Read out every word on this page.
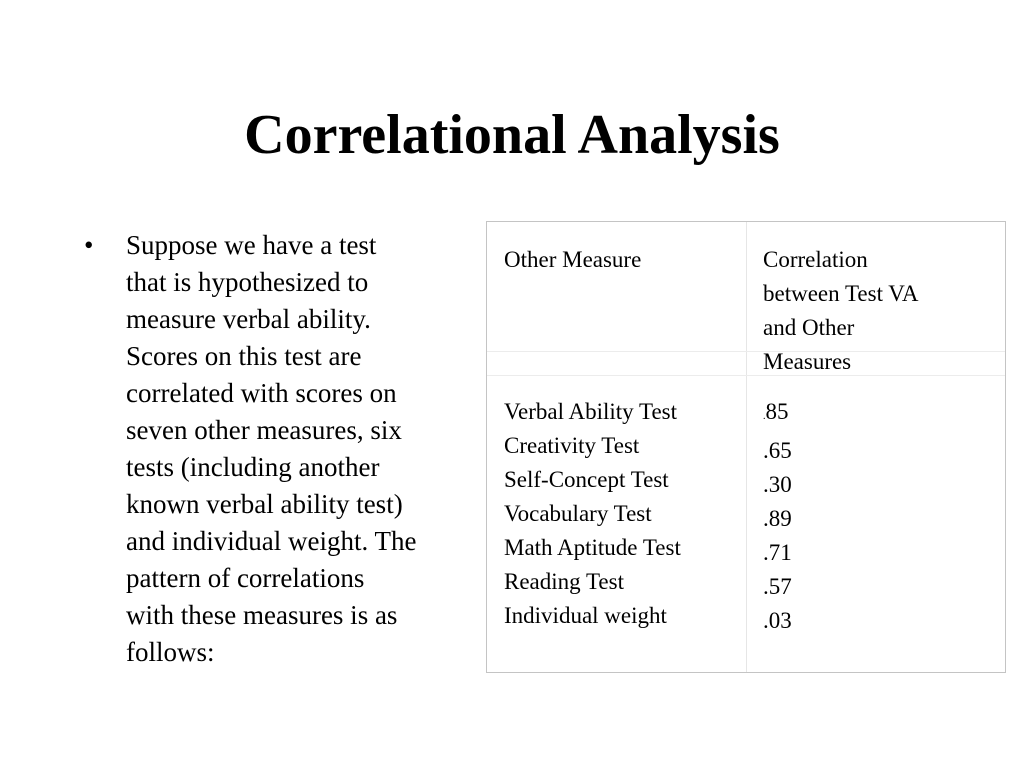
Correlational Analysis
•	Suppose we have a test
that is hypothesized to
measure verbal ability.
Scores on this test are
correlated with scores on
seven other measures, six
tests (including another
known verbal ability test)
and individual weight. The
pattern of correlations
with these measures is as
follows:
Other Measure	Correlation
between Test VA
and Other
Measures
Verbal Ability Test
Creativity Test
Self-Concept Test
Vocabulary Test
Math Aptitude Test
Reading Test
Individual weight
.85
.65
.30
.89
.71
.57
.03
